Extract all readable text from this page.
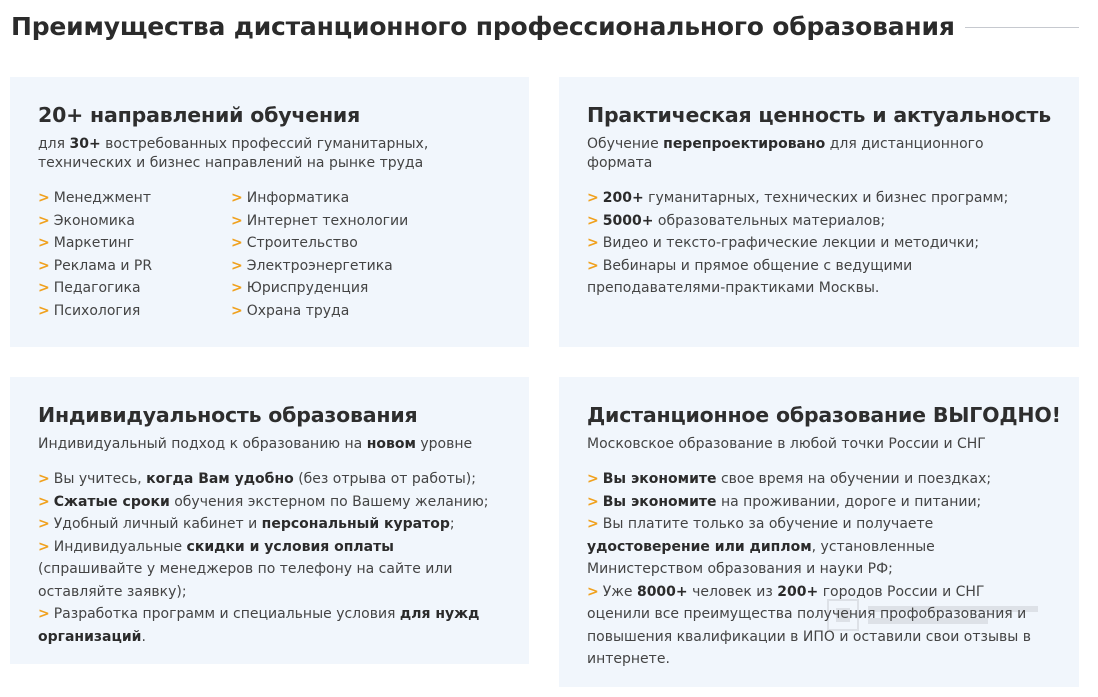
Преимущества дистанционного профессионального образования
20+ направлений обучения

для 30+ востребованных профессий гуманитарных, технических и бизнес направлений на рынке труда

> Менеджмент
> Экономика
> Маркетинг
> Реклама и PR
> Педагогика
> Психология
> Информатика
> Интернет технологии
> Строительство
> Электроэнергетика
> Юриспруденция
> Охрана труда
Практическая ценность и актуальность

Обучение перепроектировано для дистанционного формата

> 200+ гуманитарных, технических и бизнес программ;
> 5000+ образовательных материалов;
> Видео и тексто-графические лекции и методички;
> Вебинары и прямое общение с ведущими преподавателями-практиками Москвы.
Индивидуальность образования

Индивидуальный подход к образованию на новом уровне

> Вы учитесь, когда Вам удобно (без отрыва от работы);
> Сжатые сроки обучения экстерном по Вашему желанию;
> Удобный личный кабинет и персональный куратор;
> Индивидуальные скидки и условия оплаты (спрашивайте у менеджеров по телефону на сайте или оставляйте заявку);
> Разработка программ и специальные условия для нужд организаций.
Дистанционное образование ВЫГОДНО!

Московское образование в любой точки России и СНГ

> Вы экономите свое время на обучении и поездках;
> Вы экономите на проживании, дороге и питании;
> Вы платите только за обучение и получаете удостоверение или диплом, установленные Министерством образования и науки РФ;
> Уже 8000+ человек из 200+ городов России и СНГ оценили все преимущества получения профобразования и повышения квалификации в ИПО и оставили свои отзывы в интернете.
